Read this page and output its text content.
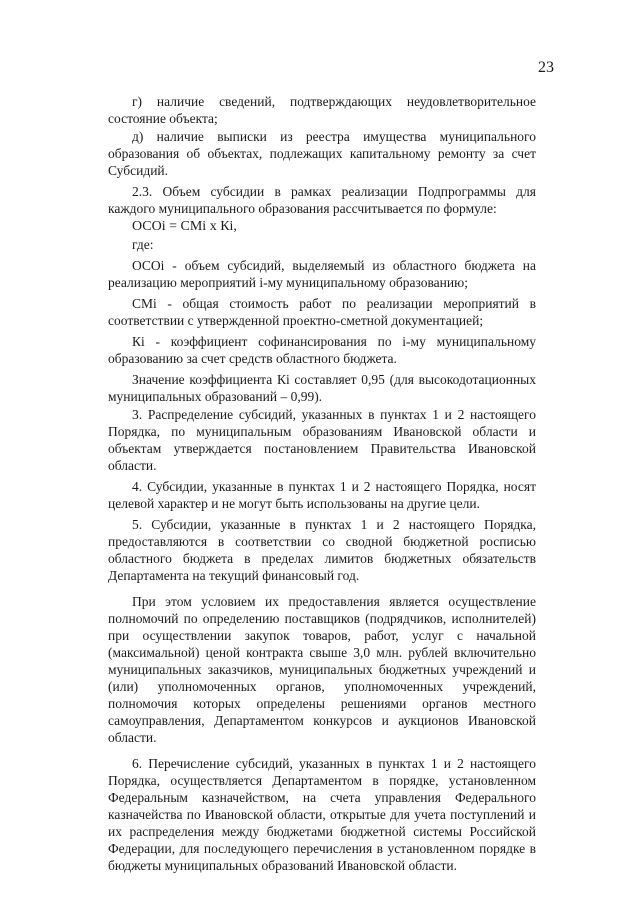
23

г) наличие сведений, подтверждающих неудовлетворительное состояние объекта;

д) наличие выписки из реестра имущества муниципального образования об объектах, подлежащих капитальному ремонту за счет Субсидий.

2.3. Объем субсидии в рамках реализации Подпрограммы для каждого муниципального образования рассчитывается по формуле:

ОСОi = СМi х Кi,

где:

ОСОi - объем субсидий, выделяемый из областного бюджета на реализацию мероприятий i-му муниципальному образованию;

СМi - общая стоимость работ по реализации мероприятий в соответствии с утвержденной проектно-сметной документацией;

Кi - коэффициент софинансирования по i-му муниципальному образованию за счет средств областного бюджета.

Значение коэффициента Кi составляет 0,95 (для высокодотационных муниципальных образований – 0,99).

3. Распределение субсидий, указанных в пунктах 1 и 2 настоящего Порядка, по муниципальным образованиям Ивановской области и объектам утверждается постановлением Правительства Ивановской области.

4. Субсидии, указанные в пунктах 1 и 2 настоящего Порядка, носят целевой характер и не могут быть использованы на другие цели.

5. Субсидии, указанные в пунктах 1 и 2 настоящего Порядка, предоставляются в соответствии со сводной бюджетной росписью областного бюджета в пределах лимитов бюджетных обязательств Департамента на текущий финансовый год.

При этом условием их предоставления является осуществление полномочий по определению поставщиков (подрядчиков, исполнителей) при осуществлении закупок товаров, работ, услуг с начальной (максимальной) ценой контракта свыше 3,0 млн. рублей включительно муниципальных заказчиков, муниципальных бюджетных учреждений и (или) уполномоченных органов, уполномоченных учреждений, полномочия которых определены решениями органов местного самоуправления, Департаментом конкурсов и аукционов Ивановской области.

6. Перечисление субсидий, указанных в пунктах 1 и 2 настоящего Порядка, осуществляется Департаментом в порядке, установленном Федеральным казначейством, на счета управления Федерального казначейства по Ивановской области, открытые для учета поступлений и их распределения между бюджетами бюджетной системы Российской Федерации, для последующего перечисления в установленном порядке в бюджеты муниципальных образований Ивановской области.
